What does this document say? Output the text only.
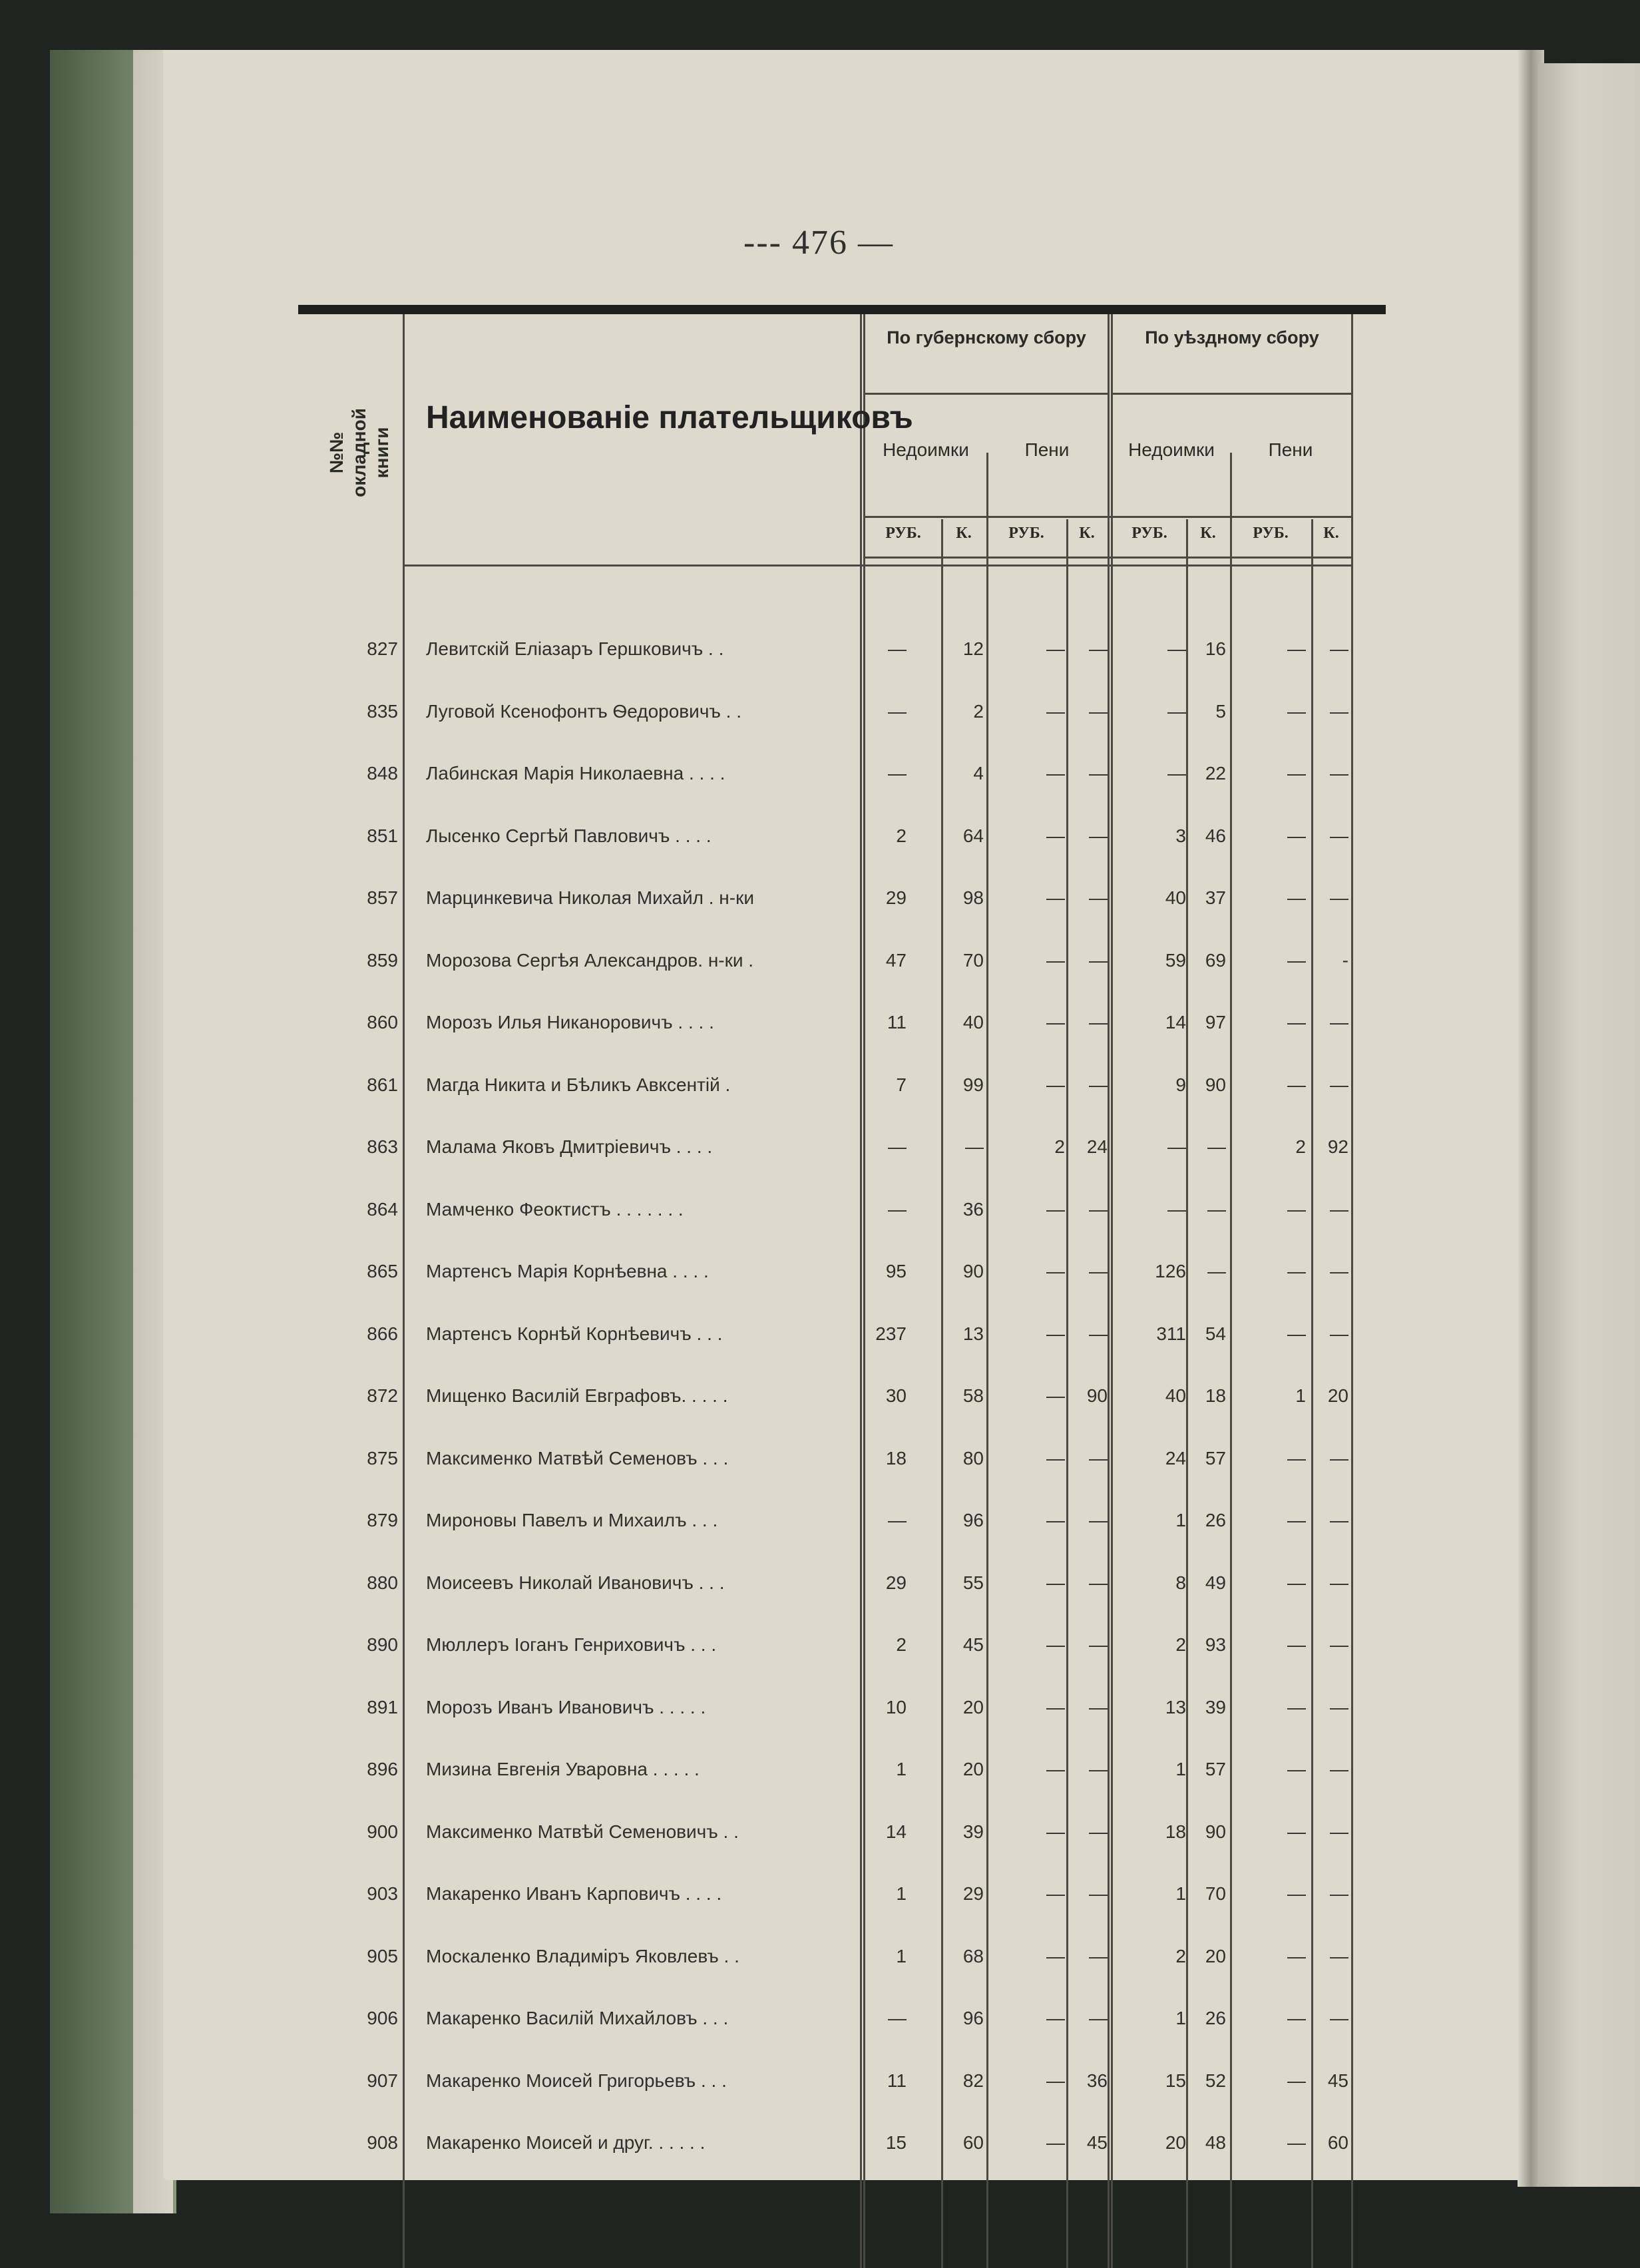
--- 476 —
№№ окладной книги
Наименованіе плательщиковъ
По губернскому сбору	По уѣздному сбору
Недоимки	Пени	Недоимки	Пени
РУБ.	К.	РУБ.	К.	РУБ.	К.	РУБ.	К.
827 Левитскій Еліазаръ Гершковичъ . .	—	12	—	—	—	16	—	—
835 Луговой Ксенофонтъ Ѳедоровичъ . .	—	2	—	—	—	5	—	—
848 Лабинская Марія Николаевна . . . .	—	4	—	—	—	22	—	—
851 Лысенко Сергѣй Павловичъ . . . .	2	64	—	—	3	46	—	—
857 Марцинкевича Николая Михайл . н-ки	29	98	—	—	40	37	—	—
859 Морозова Сергѣя Александров. н-ки .	47	70	—	—	59	69	—	-
860 Морозъ Илья Никаноровичъ . . . .	11	40	—	—	14	97	—	—
861 Магда Никита и Бѣликъ Авксентій .	7	99	—	—	9	90	—	—
863 Малама Яковъ Дмитріевичъ . . . .	—	—	2	24	—	—	2	92
864 Мамченко Феоктистъ . . . . . . .	—	36	—	—	—	—	—	—
865 Мартенсъ Марія Корнѣевна . . . .	95	90	—	—	126	—	—	—
866 Мартенсъ Корнѣй Корнѣевичъ . . .	237	13	—	—	311	54	—	—
872 Мищенко Василій Евграфовъ. . . . .	30	58	—	90	40	18	1	20
875 Максименко Матвѣй Семеновъ . . .	18	80	—	—	24	57	—	—
879 Мироновы Павелъ и Михаилъ . . .	—	96	—	—	1	26	—	—
880 Моисеевъ Николай Ивановичъ . . .	29	55	—	—	8	49	—	—
890 Мюллеръ Іоганъ Генриховичъ . . .	2	45	—	—	2	93	—	—
891 Морозъ Иванъ Ивановичъ . . . . .	10	20	—	—	13	39	—	—
896 Мизина Евгенія Уваровна . . . . .	1	20	—	—	1	57	—	—
900 Максименко Матвѣй Семеновичъ . .	14	39	—	—	18	90	—	—
903 Макаренко Иванъ Карповичъ . . . .	1	29	—	—	1	70	—	—
905 Москаленко Владиміръ Яковлевъ . .	1	68	—	—	2	20	—	—
906 Макаренко Василій Михайловъ . . .	—	96	—	—	1	26	—	—
907 Макаренко Моисей Григорьевъ . . .	11	82	—	36	15	52	—	45
908 Макаренко Моисей и друг. . . . . .	15	60	—	45	20	48	—	60
